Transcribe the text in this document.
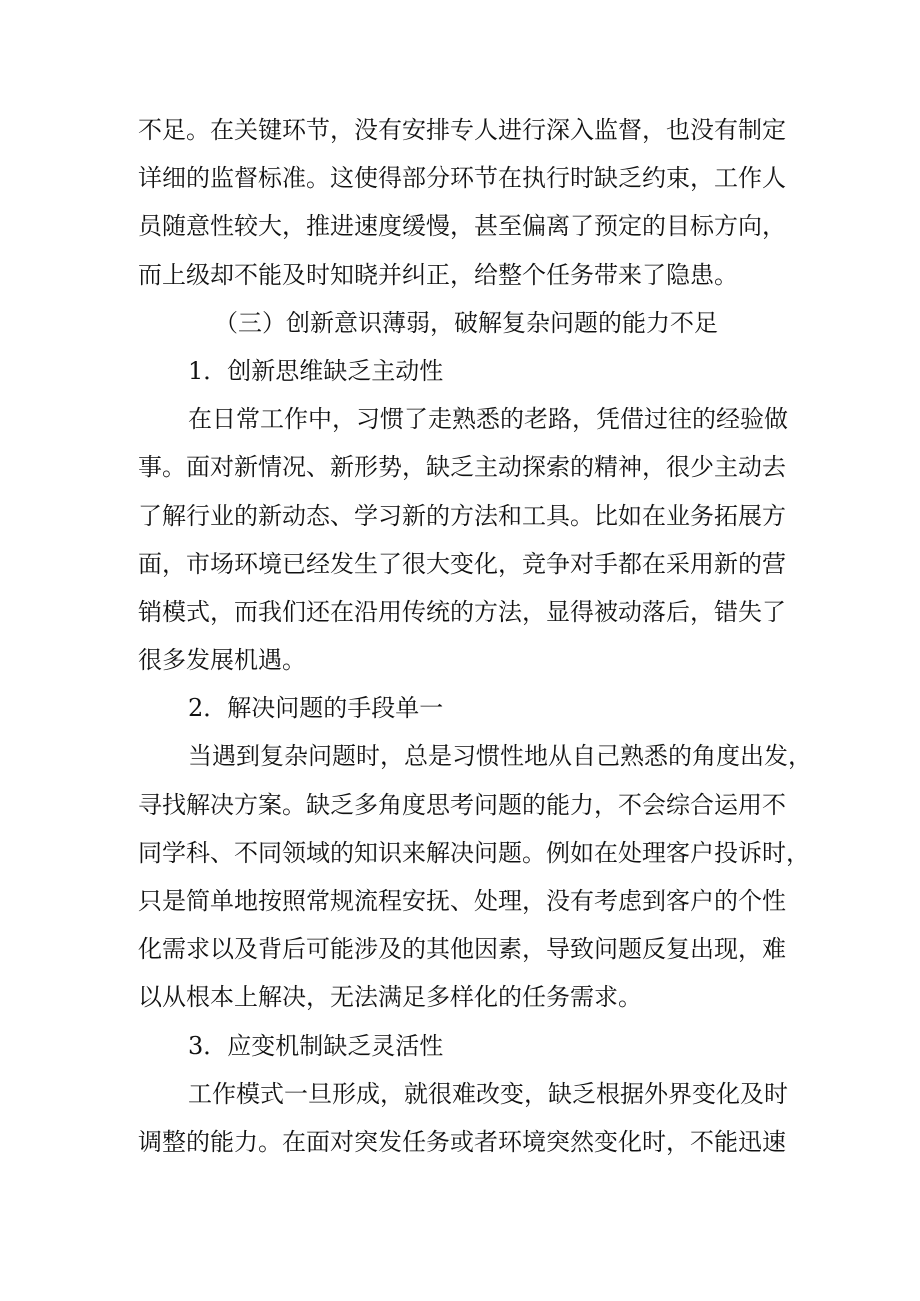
不足。在关键环节，没有安排专人进行深入监督，也没有制定
详细的监督标准。这使得部分环节在执行时缺乏约束，工作人
员随意性较大，推进速度缓慢，甚至偏离了预定的目标方向，
而上级却不能及时知晓并纠正，给整个任务带来了隐患。
（三）创新意识薄弱，破解复杂问题的能力不足
1．创新思维缺乏主动性
在日常工作中，习惯了走熟悉的老路，凭借过往的经验做
事。面对新情况、新形势，缺乏主动探索的精神，很少主动去
了解行业的新动态、学习新的方法和工具。比如在业务拓展方
面，市场环境已经发生了很大变化，竞争对手都在采用新的营
销模式，而我们还在沿用传统的方法，显得被动落后，错失了
很多发展机遇。
2．解决问题的手段单一
当遇到复杂问题时，总是习惯性地从自己熟悉的角度出发，
寻找解决方案。缺乏多角度思考问题的能力，不会综合运用不
同学科、不同领域的知识来解决问题。例如在处理客户投诉时，
只是简单地按照常规流程安抚、处理，没有考虑到客户的个性
化需求以及背后可能涉及的其他因素，导致问题反复出现，难
以从根本上解决，无法满足多样化的任务需求。
3．应变机制缺乏灵活性
工作模式一旦形成，就很难改变，缺乏根据外界变化及时
调整的能力。在面对突发任务或者环境突然变化时，不能迅速
